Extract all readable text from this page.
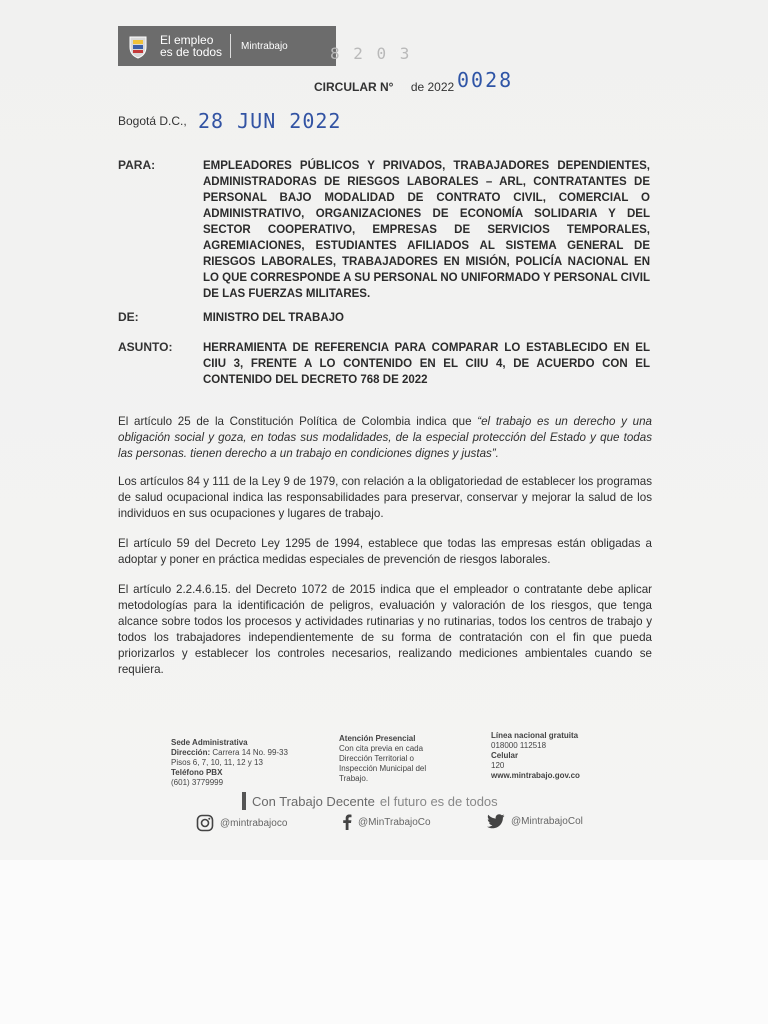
El empleo
es de todos Mintrabajo	8 2 0 3
CIRCULAR N° de 2022 0028
Bogotá D.C., 28 JUN 2022
PARA:	EMPLEADORES PÚBLICOS Y PRIVADOS, TRABAJADORES DEPENDIENTES, ADMINISTRADORAS DE RIESGOS LABORALES – ARL, CONTRATANTES DE PERSONAL BAJO MODALIDAD DE CONTRATO CIVIL, COMERCIAL O ADMINISTRATIVO, ORGANIZACIONES DE ECONOMÍA SOLIDARIA Y DEL SECTOR COOPERATIVO, EMPRESAS DE SERVICIOS TEMPORALES, AGREMIACIONES, ESTUDIANTES AFILIADOS AL SISTEMA GENERAL DE RIESGOS LABORALES, TRABAJADORES EN MISIÓN, POLICÍA NACIONAL EN LO QUE CORRESPONDE A SU PERSONAL NO UNIFORMADO Y PERSONAL CIVIL DE LAS FUERZAS MILITARES.
DE:	MINISTRO DEL TRABAJO
ASUNTO:	HERRAMIENTA DE REFERENCIA PARA COMPARAR LO ESTABLECIDO EN EL CIIU 3, FRENTE A LO CONTENIDO EN EL CIIU 4, DE ACUERDO CON EL CONTENIDO DEL DECRETO 768 DE 2022
El artículo 25 de la Constitución Política de Colombia indica que “el trabajo es un derecho y una obligación social y goza, en todas sus modalidades, de la especial protección del Estado y que todas las personas. tienen derecho a un trabajo en condiciones dignes y justas”.
Los artículos 84 y 111 de la Ley 9 de 1979, con relación a la obligatoriedad de establecer los programas de salud ocupacional indica las responsabilidades para preservar, conservar y mejorar la salud de los individuos en sus ocupaciones y lugares de trabajo.
El artículo 59 del Decreto Ley 1295 de 1994, establece que todas las empresas están obligadas a adoptar y poner en práctica medidas especiales de prevención de riesgos laborales.
El artículo 2.2.4.6.15. del Decreto 1072 de 2015 indica que el empleador o contratante debe aplicar metodologías para la identificación de peligros, evaluación y valoración de los riesgos, que tenga alcance sobre todos los procesos y actividades rutinarias y no rutinarias, todos los centros de trabajo y todos los trabajadores independientemente de su forma de contratación con el fin que pueda priorizarlos y establecer los controles necesarios, realizando mediciones ambientales cuando se requiera.
Sede Administrativa
Dirección: Carrera 14 No. 99-33
Pisos 6, 7, 10, 11, 12 y 13
Teléfono PBX
(601) 3779999
Atención Presencial
Con cita previa en cada Dirección Territorial o Inspección Municipal del Trabajo.
Línea nacional gratuita
018000 112518
Celular
120
www.mintrabajo.gov.co
Con Trabajo Decente el futuro es de todos
@mintrabajoco	@MinTrabajoCo	@MintrabajoCol
